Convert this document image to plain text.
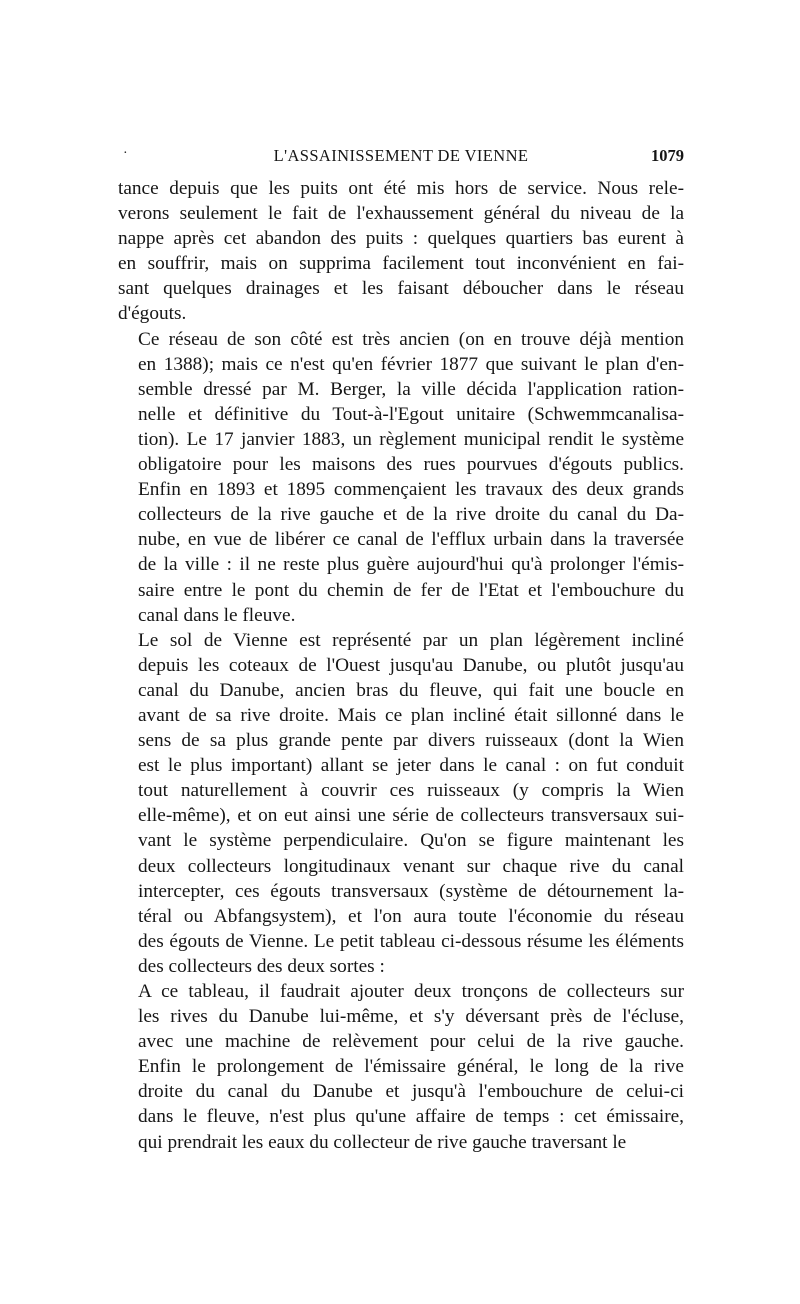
·	L'ASSAINISSEMENT DE VIENNE	1079
tance depuis que les puits ont été mis hors de service. Nous rele-
verons seulement le fait de l'exhaussement général du niveau de la
nappe après cet abandon des puits : quelques quartiers bas eurent à
en souffrir, mais on supprima facilement tout inconvénient en fai-
sant quelques drainages et les faisant déboucher dans le réseau
d'égouts.
Ce réseau de son côté est très ancien (on en trouve déjà mention
en 1388); mais ce n'est qu'en février 1877 que suivant le plan d'en-
semble dressé par M. Berger, la ville décida l'application ration-
nelle et définitive du Tout-à-l'Egout unitaire (Schwemmcanalisa-
tion). Le 17 janvier 1883, un règlement municipal rendit le système
obligatoire pour les maisons des rues pourvues d'égouts publics.
Enfin en 1893 et 1895 commençaient les travaux des deux grands
collecteurs de la rive gauche et de la rive droite du canal du Da-
nube, en vue de libérer ce canal de l'efflux urbain dans la traversée
de la ville : il ne reste plus guère aujourd'hui qu'à prolonger l'émis-
saire entre le pont du chemin de fer de l'Etat et l'embouchure du
canal dans le fleuve.
Le sol de Vienne est représenté par un plan légèrement incliné
depuis les coteaux de l'Ouest jusqu'au Danube, ou plutôt jusqu'au
canal du Danube, ancien bras du fleuve, qui fait une boucle en
avant de sa rive droite. Mais ce plan incliné était sillonné dans le
sens de sa plus grande pente par divers ruisseaux (dont la Wien
est le plus important) allant se jeter dans le canal : on fut conduit
tout naturellement à couvrir ces ruisseaux (y compris la Wien
elle-même), et on eut ainsi une série de collecteurs transversaux sui-
vant le système perpendiculaire. Qu'on se figure maintenant les
deux collecteurs longitudinaux venant sur chaque rive du canal
intercepter, ces égouts transversaux (système de détournement la-
téral ou Abfangsystem), et l'on aura toute l'économie du réseau
des égouts de Vienne. Le petit tableau ci-dessous résume les éléments
des collecteurs des deux sortes :
A ce tableau, il faudrait ajouter deux tronçons de collecteurs sur
les rives du Danube lui-même, et s'y déversant près de l'écluse,
avec une machine de relèvement pour celui de la rive gauche.
Enfin le prolongement de l'émissaire général, le long de la rive
droite du canal du Danube et jusqu'à l'embouchure de celui-ci
dans le fleuve, n'est plus qu'une affaire de temps : cet émissaire,
qui prendrait les eaux du collecteur de rive gauche traversant le
